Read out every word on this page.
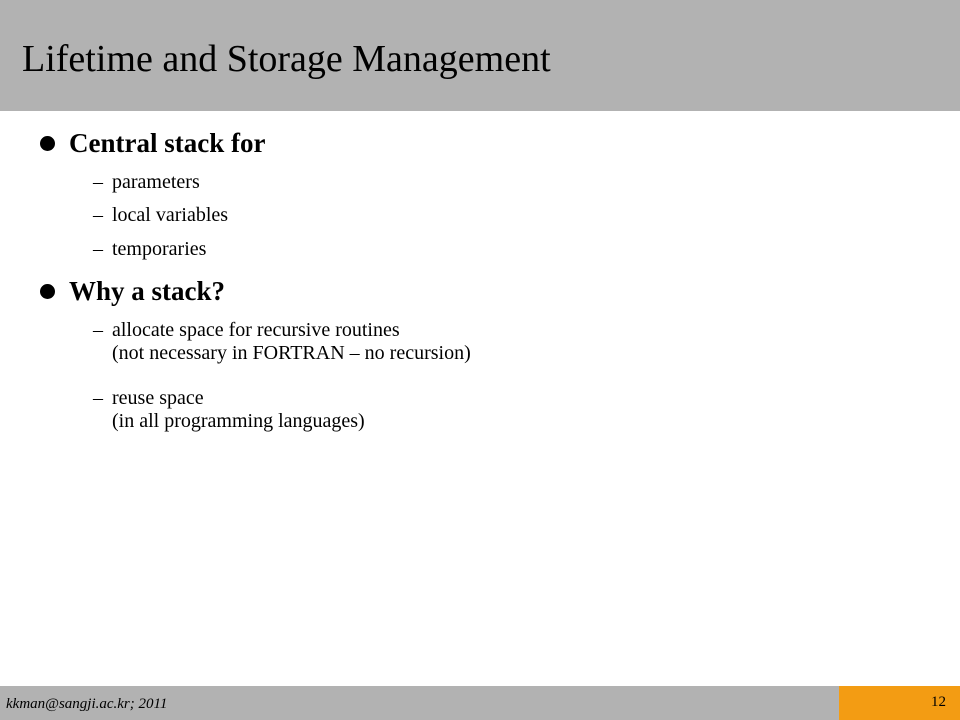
Lifetime and Storage Management
Central stack for
– parameters
– local variables
– temporaries
Why a stack?
– allocate space for recursive routines
(not necessary in FORTRAN – no recursion)
– reuse space
(in all programming languages)
kkman@sangji.ac.kr; 2011	12
